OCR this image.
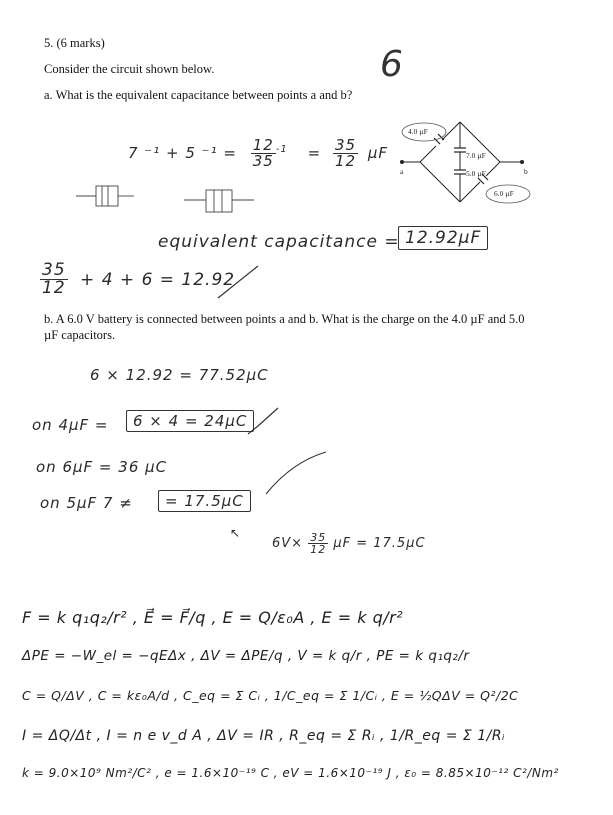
5. (6 marks)
Consider the circuit shown below.
a. What is the equivalent capacitance between points a and b?
6
4.0 µF
7.0 µF
5.0 µF
6.0 µF
a	b
7 ⁻¹ + 5 $^{-1} = \frac{12}{35} ^{-1} = \frac{35}{12}$ µF
equivalent capacitance = 12.92µF
$\frac{35}{12} + 4 + 6 = 12.92$
b. A 6.0 V battery is connected between points a and b. What is the charge on the 4.0 µF and 5.0
µF capacitors.
6 × 12.92 = 77.52µC
on 4µF =	6 × 4 = 24µC
on 6µF = 36 µC
on 5µF 7 ≠	= 17.5µC
↖
$6V\times \frac{35}{12}$ µF = 17.5µC
F = k q₁q₂/r² , E⃗ = F⃗/q , E = Q/ε₀A , E = k q/r²
ΔPE = −W_el = −qEΔx , ΔV = ΔPE/q , V = k q/r , PE = k q₁q₂/r
C = Q/ΔV , C = kε₀A/d , C_eq = Σ Cᵢ , 1/C_eq = Σ 1/Cᵢ , E = ½QΔV = Q²/2C
I = ΔQ/Δt , I = n e v_d A , ΔV = IR , R_eq = Σ Rᵢ , 1/R_eq = Σ 1/Rᵢ
k = 9.0×10⁹ Nm²/C² , e = 1.6×10⁻¹⁹ C , eV = 1.6×10⁻¹⁹ J , ε₀ = 8.85×10⁻¹² C²/Nm²
